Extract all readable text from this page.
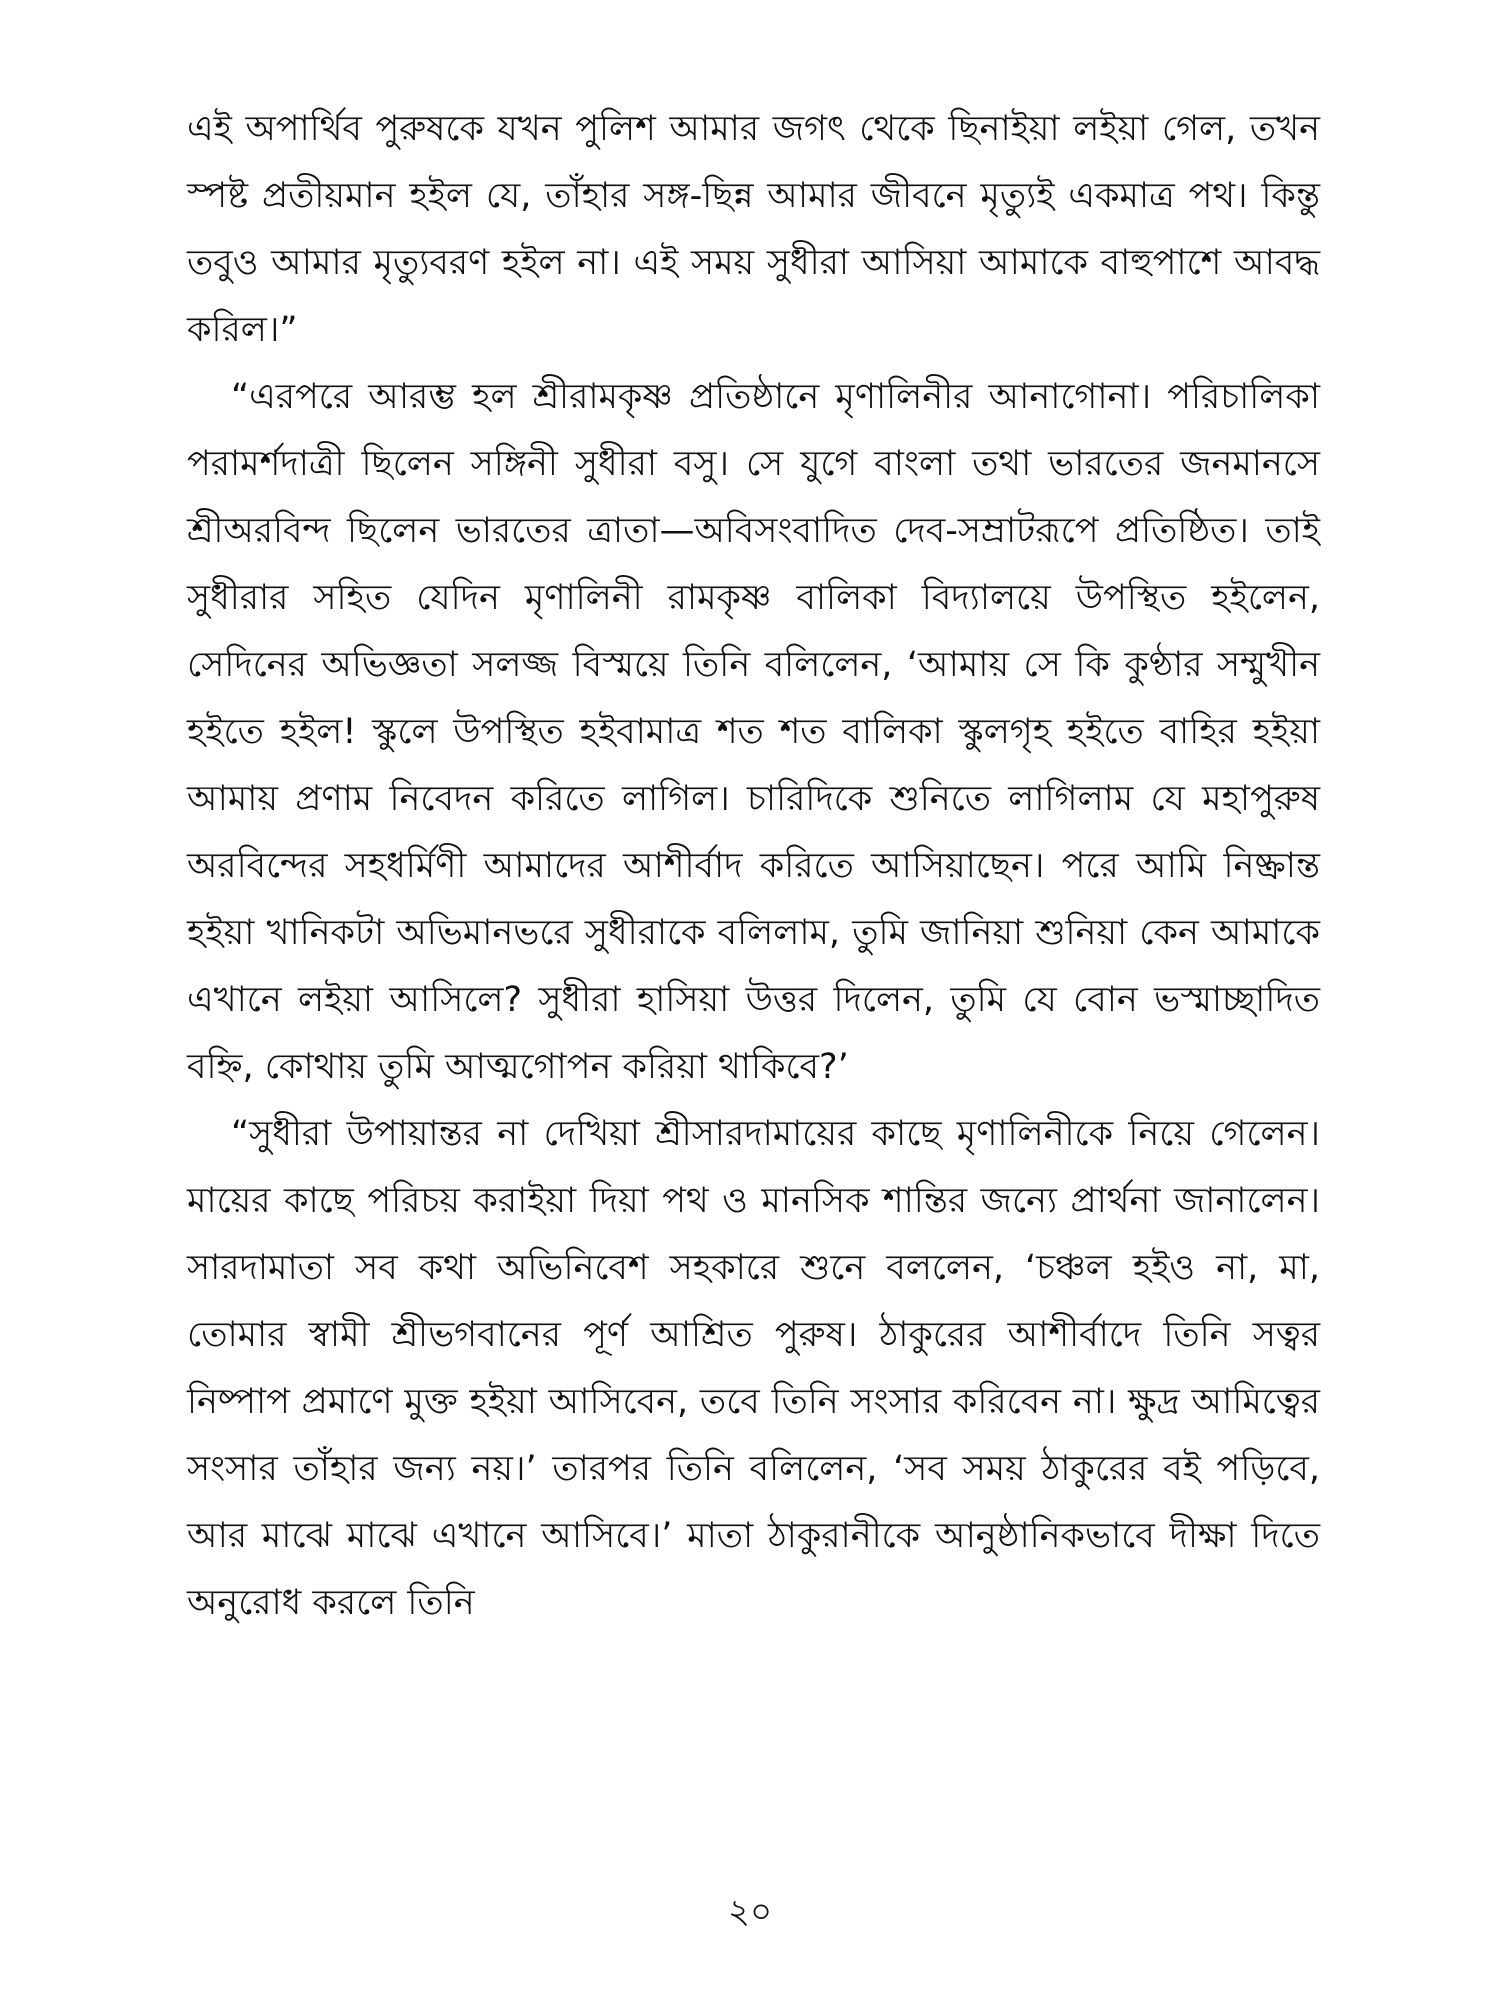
এই অপার্থিব পুরুষকে যখন পুলিশ আমার জগৎ থেকে ছিনাইয়া লইয়া গেল, তখন স্পষ্ট প্রতীয়মান হইল যে, তাঁহার সঙ্গ-ছিন্ন আমার জীবনে মৃত্যুই একমাত্র পথ। কিন্তু তবুও আমার মৃত্যুবরণ হইল না। এই সময় সুধীরা আসিয়া আমাকে বাহুপাশে আবদ্ধ করিল।”

“এরপরে আরম্ভ হল শ্রীরামকৃষ্ণ প্রতিষ্ঠানে মৃণালিনীর আনাগোনা। পরিচালিকা পরামর্শদাত্রী ছিলেন সঙ্গিনী সুধীরা বসু। সে যুগে বাংলা তথা ভারতের জনমানসে শ্রীঅরবিন্দ ছিলেন ভারতের ত্রাতা—অবিসংবাদিত দেব-সম্রাটরূপে প্রতিষ্ঠিত। তাই সুধীরার সহিত যেদিন মৃণালিনী রামকৃষ্ণ বালিকা বিদ্যালয়ে উপস্থিত হইলেন, সেদিনের অভিজ্ঞতা সলজ্জ বিস্ময়ে তিনি বলিলেন, ‘আমায় সে কি কুণ্ঠার সম্মুখীন হইতে হইল! স্কুলে উপস্থিত হইবামাত্র শত শত বালিকা স্কুলগৃহ হইতে বাহির হইয়া আমায় প্রণাম নিবেদন করিতে লাগিল। চারিদিকে শুনিতে লাগিলাম যে মহাপুরুষ অরবিন্দের সহধর্মিণী আমাদের আশীর্বাদ করিতে আসিয়াছেন। পরে আমি নিষ্ক্রান্ত হইয়া খানিকটা অভিমানভরে সুধীরাকে বলিলাম, তুমি জানিয়া শুনিয়া কেন আমাকে এখানে লইয়া আসিলে? সুধীরা হাসিয়া উত্তর দিলেন, তুমি যে বোন ভস্মাচ্ছাদিত বহ্নি, কোথায় তুমি আত্মগোপন করিয়া থাকিবে?’

“সুধীরা উপায়ান্তর না দেখিয়া শ্রীসারদামায়ের কাছে মৃণালিনীকে নিয়ে গেলেন। মায়ের কাছে পরিচয় করাইয়া দিয়া পথ ও মানসিক শান্তির জন্যে প্রার্থনা জানালেন। সারদামাতা সব কথা অভিনিবেশ সহকারে শুনে বললেন, ‘চঞ্চল হইও না, মা, তোমার স্বামী শ্রীভগবানের পূর্ণ আশ্রিত পুরুষ। ঠাকুরের আশীর্বাদে তিনি সত্বর নিষ্পাপ প্রমাণে মুক্ত হইয়া আসিবেন, তবে তিনি সংসার করিবেন না। ক্ষুদ্র আমিত্বের সংসার তাঁহার জন্য নয়।’ তারপর তিনি বলিলেন, ‘সব সময় ঠাকুরের বই পড়িবে, আর মাঝে মাঝে এখানে আসিবে।’ মাতা ঠাকুরানীকে আনুষ্ঠানিকভাবে দীক্ষা দিতে অনুরোধ করলে তিনি

২০
